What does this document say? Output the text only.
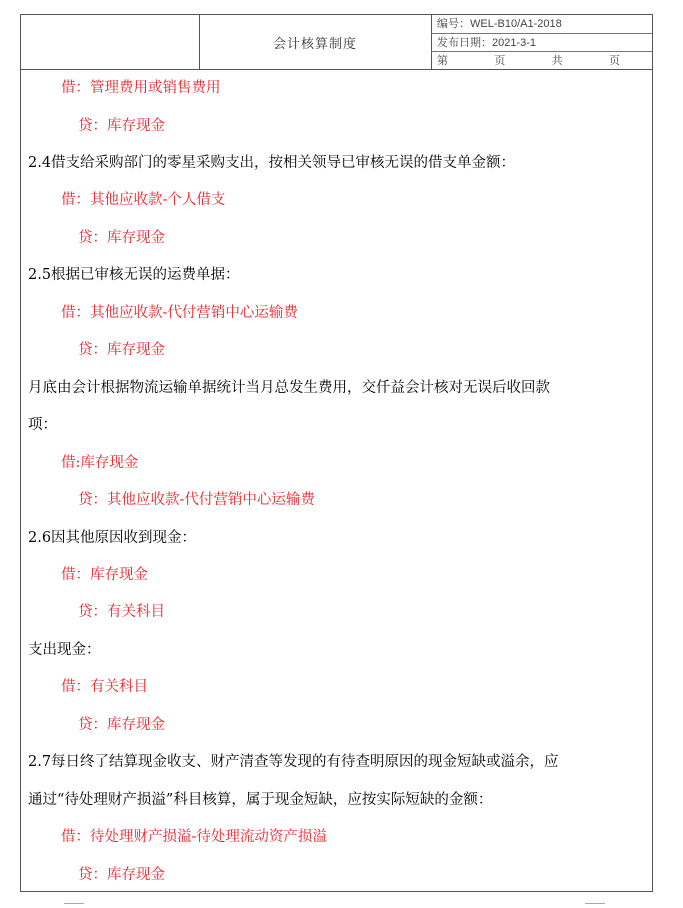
会计核算制度
编号：WEL-B10/A1-2018
发布日期：2021-3-1
第	页	共	页
借：管理费用或销售费用
贷：库存现金
2.4借支给采购部门的零星采购支出，按相关领导已审核无误的借支单金额：
借：其他应收款-个人借支
贷：库存现金
2.5根据已审核无误的运费单据：
借：其他应收款-代付营销中心运输费
贷：库存现金
月底由会计根据物流运输单据统计当月总发生费用，交仟益会计核对无误后收回款
项：
借:库存现金
贷：其他应收款-代付营销中心运输费
2.6因其他原因收到现金：
借：库存现金
贷：有关科目
支出现金：
借：有关科目
贷：库存现金
2.7每日终了结算现金收支、财产清查等发现的有待查明原因的现金短缺或溢余，应
通过“待处理财产损溢”科目核算，属于现金短缺，应按实际短缺的金额：
借：待处理财产损溢-待处理流动资产损溢
贷：库存现金
